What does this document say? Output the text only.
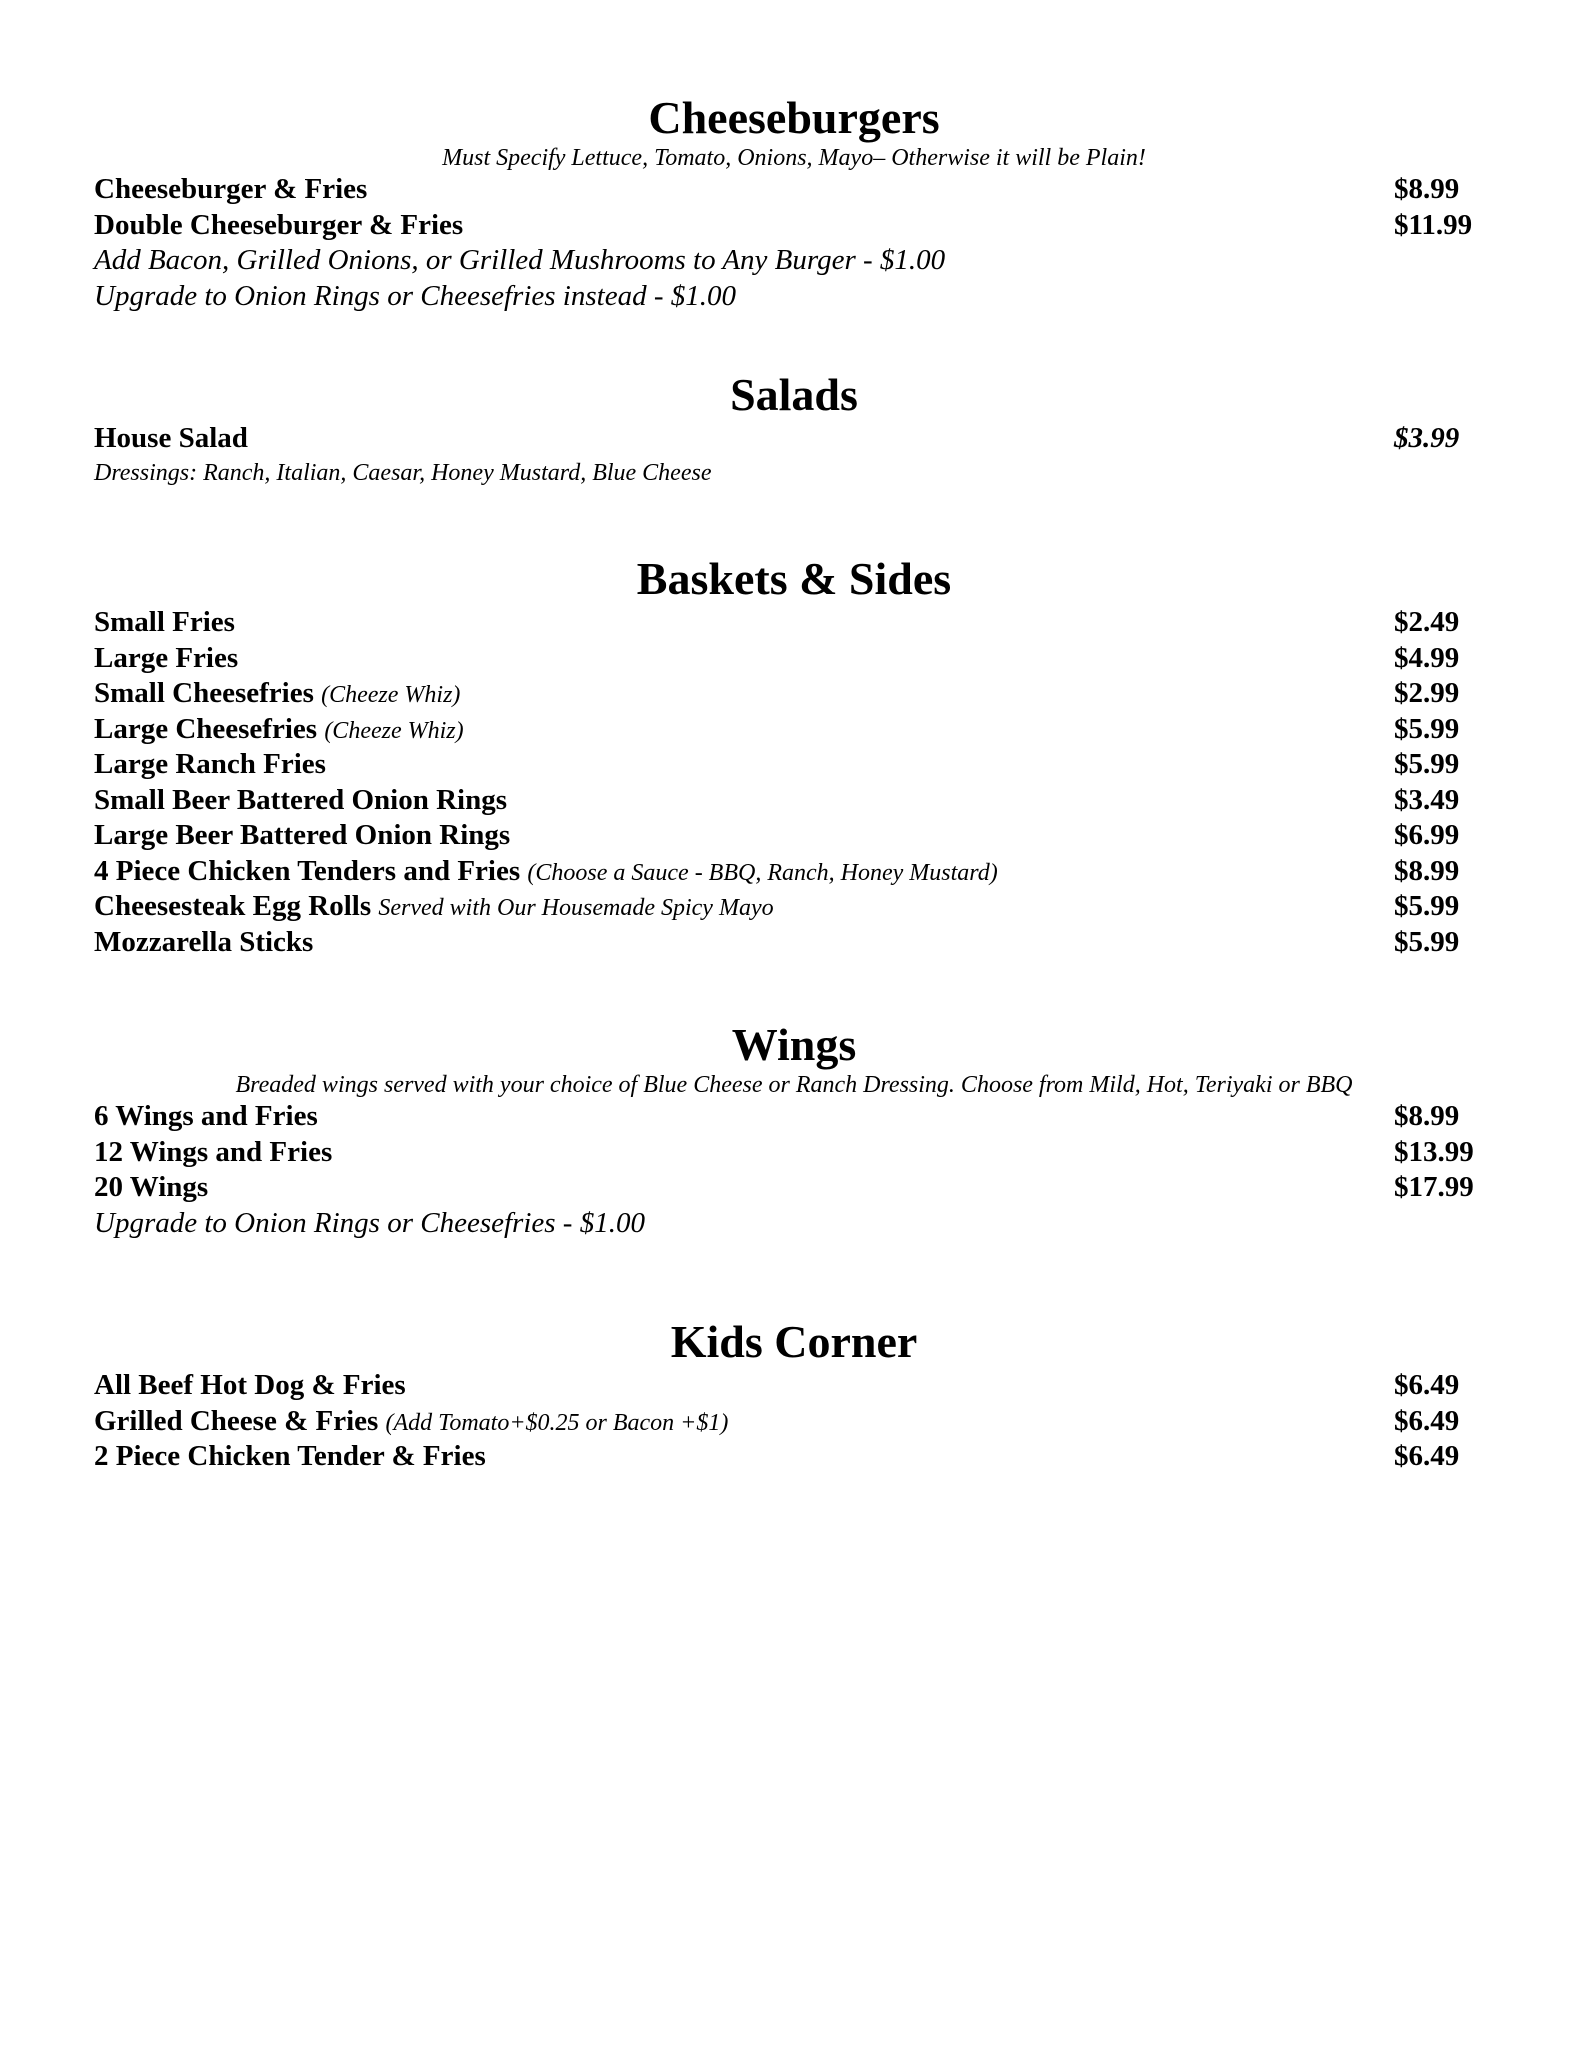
Cheeseburgers

Must Specify Lettuce, Tomato, Onions, Mayo– Otherwise it will be Plain!

Cheeseburger & Fries	$8.99
Double Cheeseburger & Fries	$11.99
Add Bacon, Grilled Onions, or Grilled Mushrooms to Any Burger - $1.00
Upgrade to Onion Rings or Cheesefries instead - $1.00
Salads
House Salad	$3.99
Dressings: Ranch, Italian, Caesar, Honey Mustard, Blue Cheese
Baskets & Sides
Small Fries	$2.49
Large Fries	$4.99
Small Cheesefries (Cheeze Whiz)	$2.99
Large Cheesefries (Cheeze Whiz)	$5.99
Large Ranch Fries	$5.99
Small Beer Battered Onion Rings	$3.49
Large Beer Battered Onion Rings	$6.99
4 Piece Chicken Tenders and Fries (Choose a Sauce - BBQ, Ranch, Honey Mustard)	$8.99
Cheesesteak Egg Rolls Served with Our Housemade Spicy Mayo	$5.99
Mozzarella Sticks	$5.99
Wings

Breaded wings served with your choice of Blue Cheese or Ranch Dressing. Choose from Mild, Hot, Teriyaki or BBQ

6 Wings and Fries	$8.99
12 Wings and Fries	$13.99
20 Wings	$17.99
Upgrade to Onion Rings or Cheesefries - $1.00
Kids Corner
All Beef Hot Dog & Fries	$6.49
Grilled Cheese & Fries (Add Tomato+$0.25 or Bacon +$1)	$6.49
2 Piece Chicken Tender & Fries	$6.49
